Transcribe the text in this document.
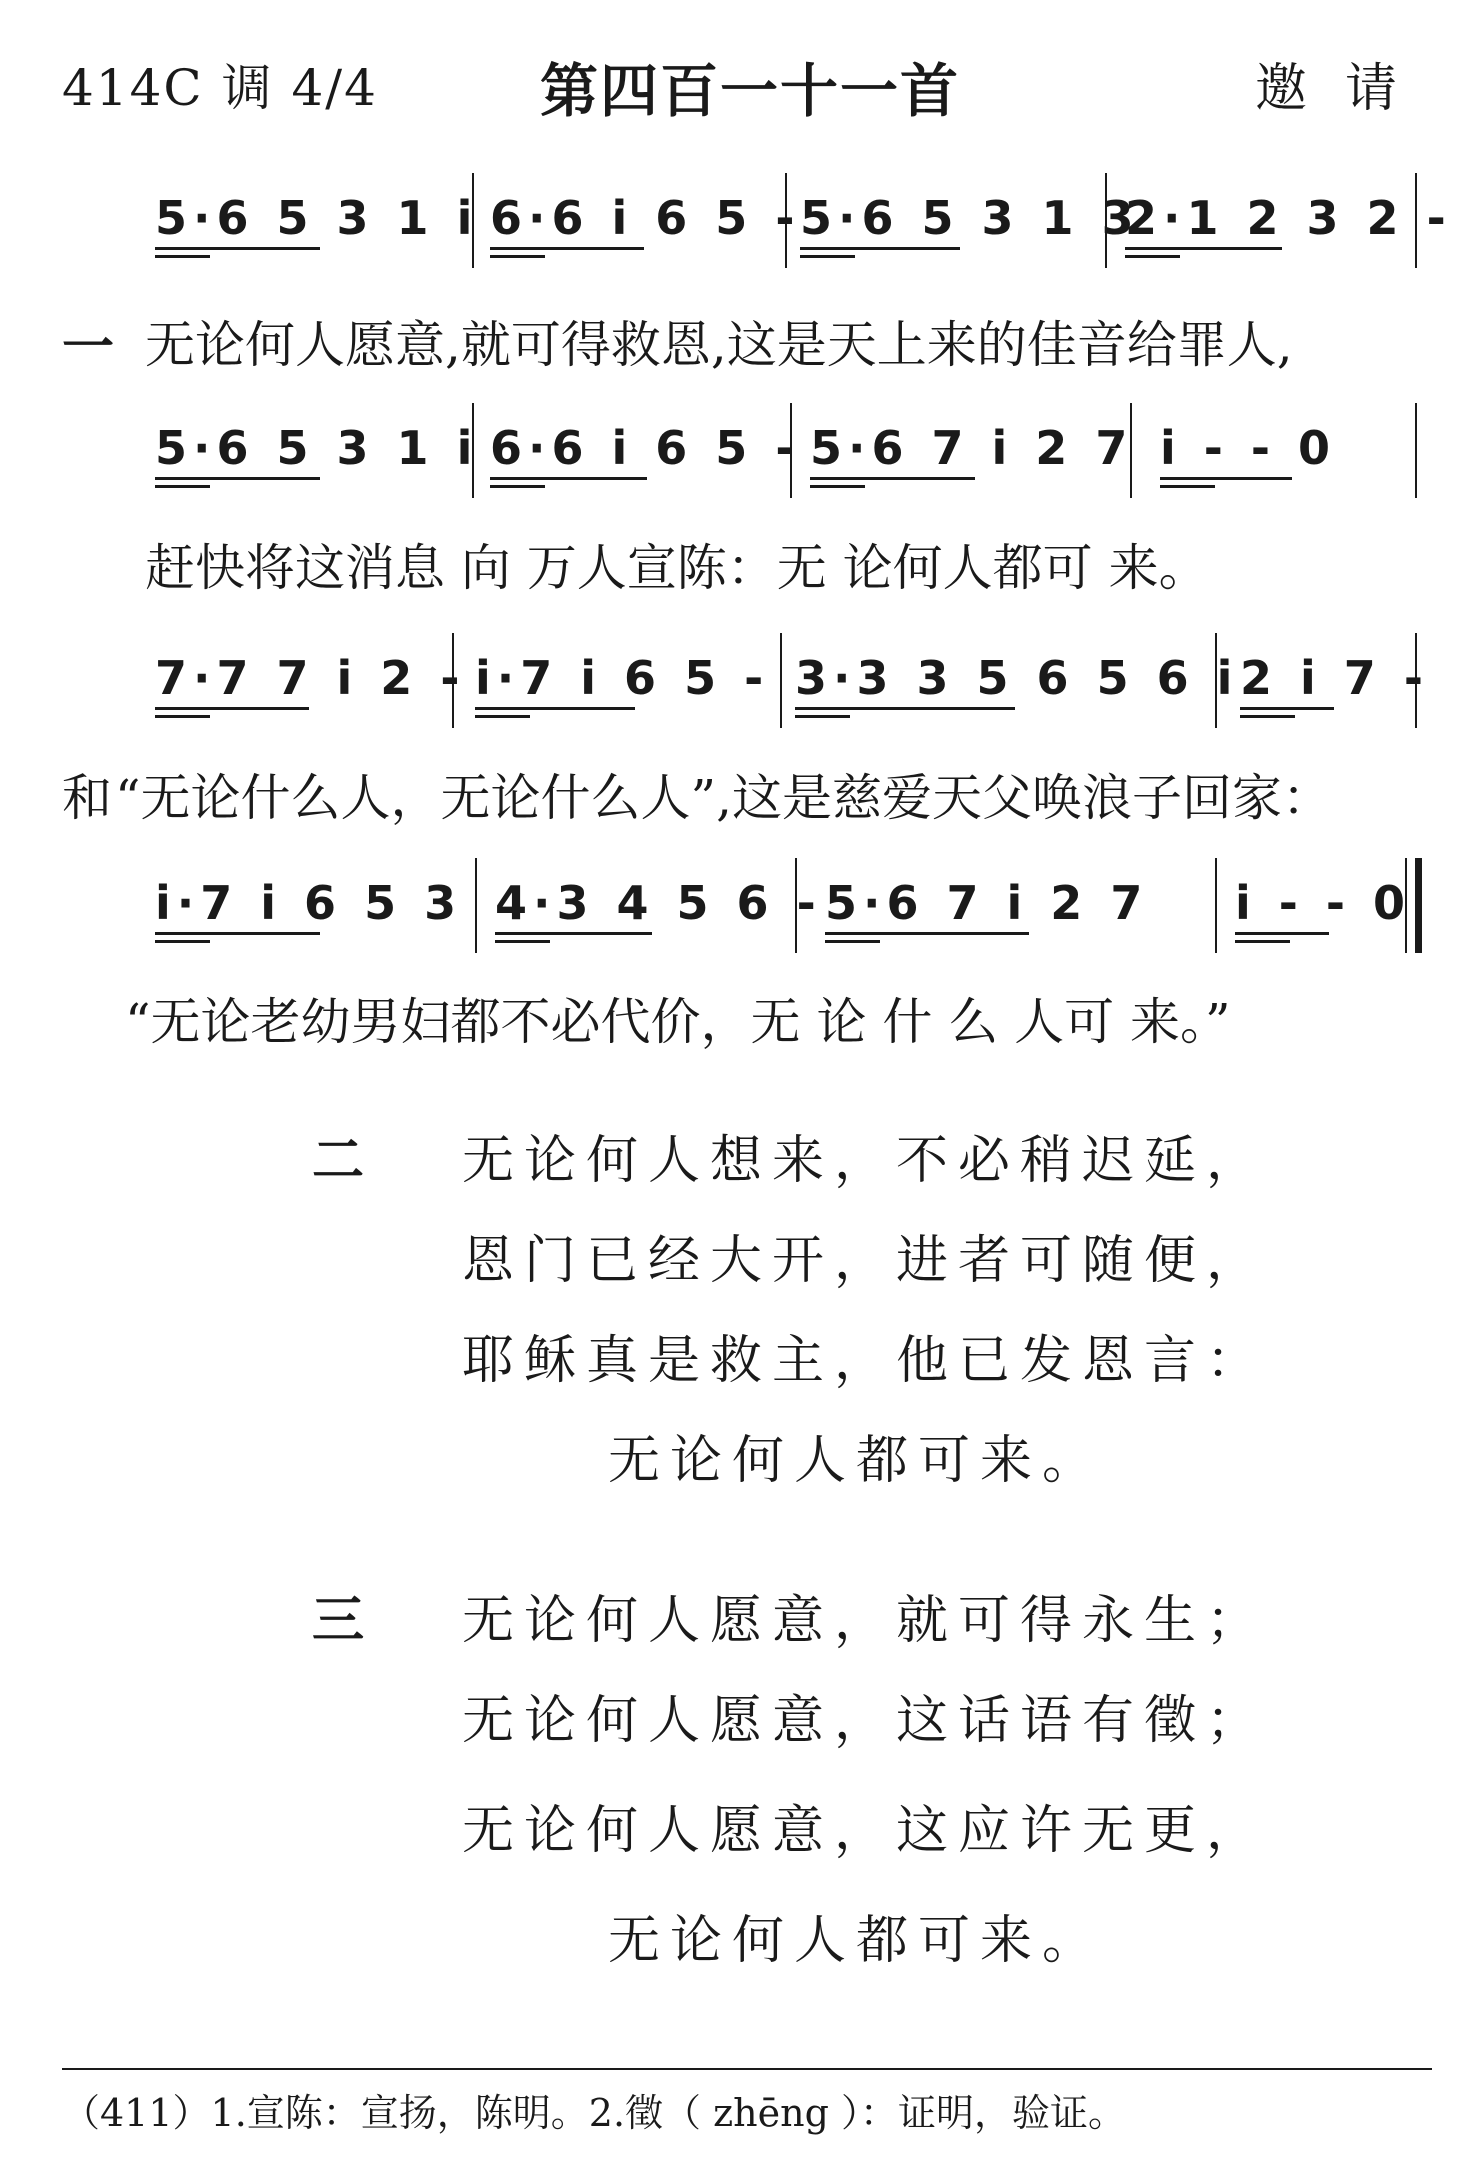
414C 调 4/4	第四百一十一首	邀请
5·6 5 3 1 i 6·6 i 6 5 - 5·6 5 3 1 3
2·1 2 3 2 -
5·6 5 3 1 i 6·6 i 6 5 - 5·6 7 i 2 7 i - - 0
7·7 7 i 2 - i·7 i 6 5 - 3·3 3 5 6 5 6 i 2 i 7 -
i·7 i 6 5 3 4·3 4 5 6 - 5·6 7 i 2 7 i - - 0
一 无论何人愿意,就可得救恩,这是天上来的佳音给罪人,
赶快将这消息 向 万人宣陈：无 论何人都可 来。
和 “无论什么人，无论什么人”,这是慈爱天父唤浪子回家：
“无论老幼男妇都不必代价，无 论 什 么 人可 来。”
二 无论何人想来，不必稍迟延，
恩门已经大开，进者可随便，
耶稣真是救主，他已发恩言：
无论何人都可来。
三 无论何人愿意，就可得永生；
无论何人愿意，这话语有徵；
无论何人愿意，这应许无更，
无论何人都可来。
（411）1.宣陈：宣扬，陈明。2.徵（ zhēng ）：证明，验证。
